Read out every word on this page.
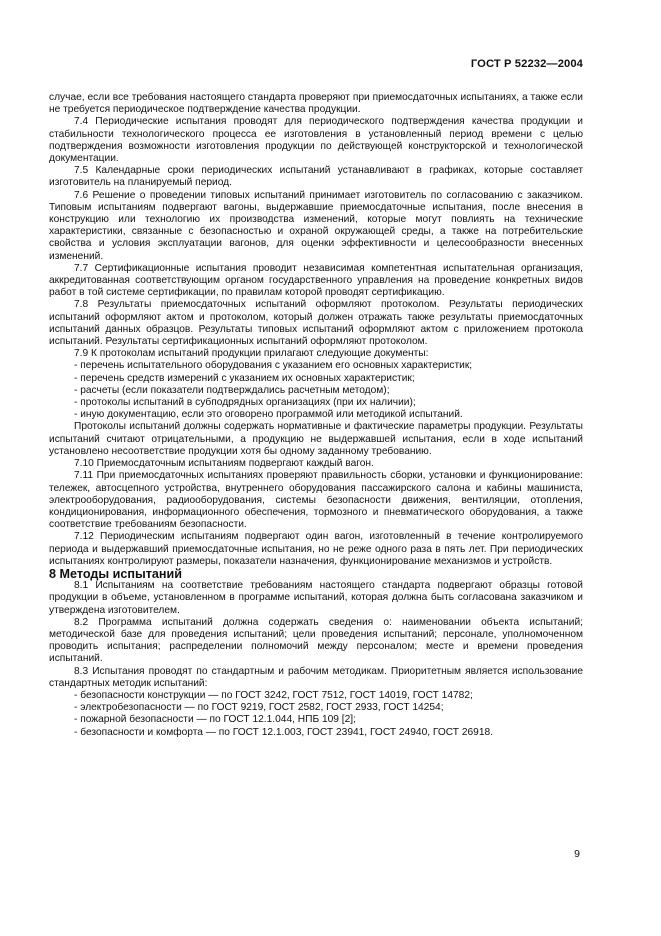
ГОСТ Р 52232—2004

случае, если все требования настоящего стандарта проверяют при приемосдаточных испытаниях, а также если не требуется периодическое подтверждение качества продукции.

7.4 Периодические испытания проводят для периодического подтверждения качества продукции и стабильности технологического процесса ее изготовления в установленный период времени с целью подтверждения возможности изготовления продукции по действующей конструкторской и технологической документации.

7.5 Календарные сроки периодических испытаний устанавливают в графиках, которые составляет изготовитель на планируемый период.

7.6 Решение о проведении типовых испытаний принимает изготовитель по согласованию с заказчиком. Типовым испытаниям подвергают вагоны, выдержавшие приемосдаточные испытания, после внесения в конструкцию или технологию их производства изменений, которые могут повлиять на технические характеристики, связанные с безопасностью и охраной окружающей среды, а также на потребительские свойства и условия эксплуатации вагонов, для оценки эффективности и целесообразности внесенных изменений.

7.7 Сертификационные испытания проводит независимая компетентная испытательная организация, аккредитованная соответствующим органом государственного управления на проведение конкретных видов работ в той системе сертификации, по правилам которой проводят сертификацию.

7.8 Результаты приемосдаточных испытаний оформляют протоколом. Результаты периодических испытаний оформляют актом и протоколом, который должен отражать также результаты приемосдаточных испытаний данных образцов. Результаты типовых испытаний оформляют актом с приложением протокола испытаний. Результаты сертификационных испытаний оформляют протоколом.

7.9 К протоколам испытаний продукции прилагают следующие документы:

- перечень испытательного оборудования с указанием его основных характеристик;

- перечень средств измерений с указанием их основных характеристик;

- расчеты (если показатели подтверждались расчетным методом);

- протоколы испытаний в субподрядных организациях (при их наличии);

- иную документацию, если это оговорено программой или методикой испытаний.

Протоколы испытаний должны содержать нормативные и фактические параметры продукции. Результаты испытаний считают отрицательными, а продукцию не выдержавшей испытания, если в ходе испытаний установлено несоответствие продукции хотя бы одному заданному требованию.

7.10 Приемосдаточным испытаниям подвергают каждый вагон.

7.11 При приемосдаточных испытаниях проверяют правильность сборки, установки и функционирование: тележек, автосцепного устройства, внутреннего оборудования пассажирского салона и кабины машиниста, электрооборудования, радиооборудования, системы безопасности движения, вентиляции, отопления, кондиционирования, информационного обеспечения, тормозного и пневматического оборудования, а также соответствие требованиям безопасности.

7.12 Периодическим испытаниям подвергают один вагон, изготовленный в течение контролируемого периода и выдержавший приемосдаточные испытания, но не реже одного раза в пять лет. При периодических испытаниях контролируют размеры, показатели назначения, функционирование механизмов и устройств.

8 Методы испытаний

8.1 Испытаниям на соответствие требованиям настоящего стандарта подвергают образцы готовой продукции в объеме, установленном в программе испытаний, которая должна быть согласована заказчиком и утверждена изготовителем.

8.2 Программа испытаний должна содержать сведения о: наименовании объекта испытаний; методической базе для проведения испытаний; цели проведения испытаний; персонале, уполномоченном проводить испытания; распределении полномочий между персоналом; месте и времени проведения испытаний.

8.3 Испытания проводят по стандартным и рабочим методикам. Приоритетным является использование стандартных методик испытаний:

- безопасности конструкции — по ГОСТ 3242, ГОСТ 7512, ГОСТ 14019, ГОСТ 14782;

- электробезопасности — по ГОСТ 9219, ГОСТ 2582, ГОСТ 2933, ГОСТ 14254;

- пожарной безопасности — по ГОСТ 12.1.044, НПБ 109 [2];

- безопасности и комфорта — по ГОСТ 12.1.003, ГОСТ 23941, ГОСТ 24940, ГОСТ 26918.

9
